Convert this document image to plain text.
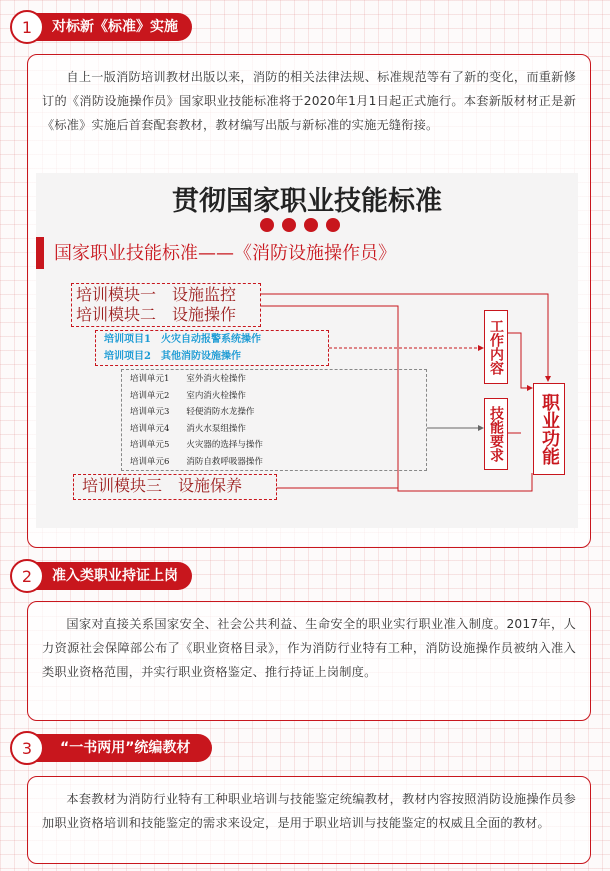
1	对标新《标准》实施

自上一版消防培训教材出版以来，消防的相关法律法规、标准规范等有了新的变化，而重新修订的《消防设施操作员》国家职业技能标准将于2020年1月1日起正式施行。本套新版材材正是新《标准》实施后首套配套教材，教材编写出版与新标准的实施无缝衔接。

贯彻国家职业技能标准
国家职业技能标准——《消防设施操作员》
培训模块一　设施监控
培训模块二　设施操作
培训项目1　火灾自动报警系统操作
培训项目2　其他消防设施操作
培训单元1　　室外消火栓操作
培训单元2　　室内消火栓操作
培训单元3　　轻便消防水龙操作
培训单元4　　消火水泵组操作
培训单元5　　火灾器的选择与操作
培训单元6　　消防自救呼吸器操作
培训模块三　设施保养
工作内容
技能要求	职业功能
2	准入类职业持证上岗

国家对直接关系国家安全、社会公共利益、生命安全的职业实行职业准入制度。2017年，人力资源社会保障部公布了《职业资格目录》，作为消防行业特有工种，消防设施操作员被纳入准入类职业资格范围，并实行职业资格鉴定、推行持证上岗制度。

3	“一书两用”统编教材

本套教材为消防行业特有工种职业培训与技能鉴定统编教材，教材内容按照消防设施操作员参加职业资格培训和技能鉴定的需求来设定，是用于职业培训与技能鉴定的权威且全面的教材。
